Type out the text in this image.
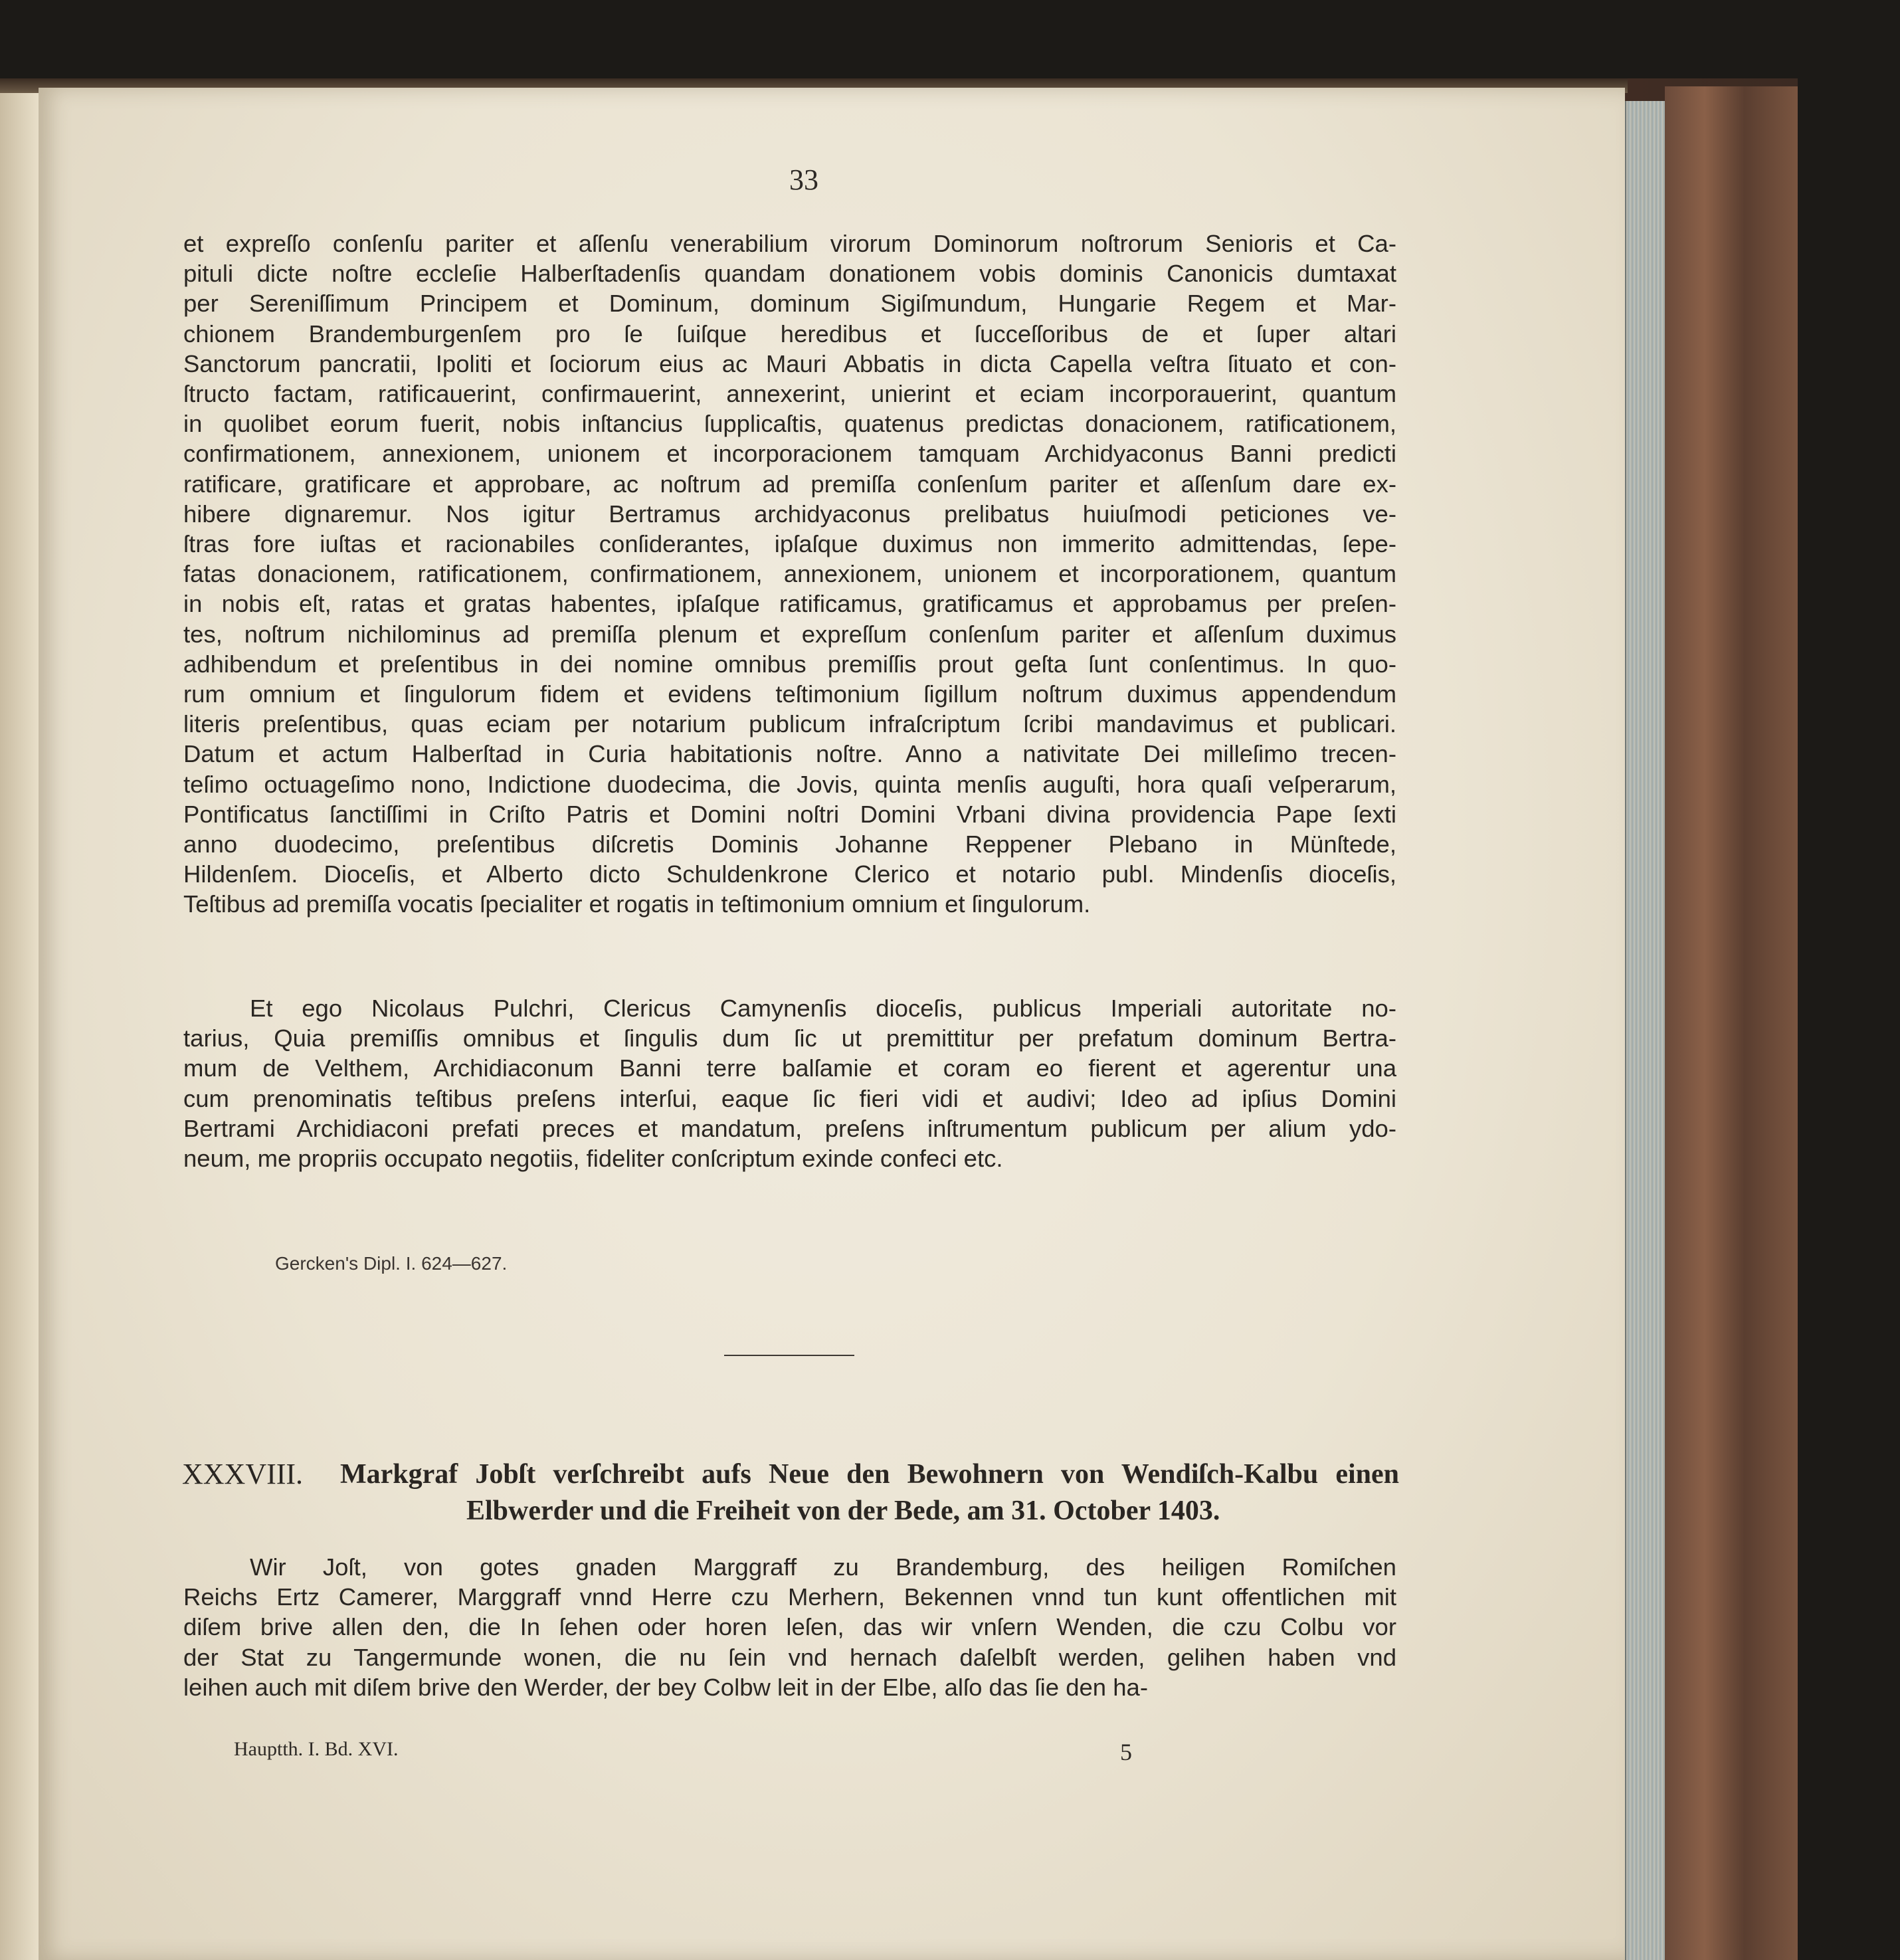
33
et expreſſo conſenſu pariter et aſſenſu venerabilium virorum Dominorum noſtrorum Senioris et Ca-
pituli dicte noſtre eccleſie Halberſtadenſis quandam donationem vobis dominis Canonicis dumtaxat
per Sereniſſimum Principem et Dominum, dominum Sigiſmundum, Hungarie Regem et Mar-
chionem Brandemburgenſem pro ſe ſuiſque heredibus et ſucceſſoribus de et ſuper altari
Sanctorum pancratii, Ipoliti et ſociorum eius ac Mauri Abbatis in dicta Capella veſtra ſituato et con-
ſtructo factam, ratificauerint, confirmauerint, annexerint, unierint et eciam incorporauerint, quantum
in quolibet eorum fuerit, nobis inſtancius ſupplicaſtis, quatenus predictas donacionem, ratificationem,
confirmationem, annexionem, unionem et incorporacionem tamquam Archidyaconus Banni predicti
ratificare, gratificare et approbare, ac noſtrum ad premiſſa conſenſum pariter et aſſenſum dare ex-
hibere dignaremur. Nos igitur Bertramus archidyaconus prelibatus huiuſmodi peticiones ve-
ſtras fore iuſtas et racionabiles conſiderantes, ipſaſque duximus non immerito admittendas, ſepe-
fatas donacionem, ratificationem, confirmationem, annexionem, unionem et incorporationem, quantum
in nobis eſt, ratas et gratas habentes, ipſaſque ratificamus, gratificamus et approbamus per preſen-
tes, noſtrum nichilominus ad premiſſa plenum et expreſſum conſenſum pariter et aſſenſum duximus
adhibendum et preſentibus in dei nomine omnibus premiſſis prout geſta ſunt conſentimus. In quo-
rum omnium et ſingulorum fidem et evidens teſtimonium ſigillum noſtrum duximus appendendum
literis preſentibus, quas eciam per notarium publicum infraſcriptum ſcribi mandavimus et publicari.
Datum et actum Halberſtad in Curia habitationis noſtre. Anno a nativitate Dei milleſimo trecen-
teſimo octuageſimo nono, Indictione duodecima, die Jovis, quinta menſis auguſti, hora quaſi veſperarum,
Pontificatus ſanctiſſimi in Criſto Patris et Domini noſtri Domini Vrbani divina providencia Pape ſexti
anno duodecimo, preſentibus diſcretis Dominis Johanne Reppener Plebano in Münſtede,
Hildenſem. Dioceſis, et Alberto dicto Schuldenkrone Clerico et notario publ. Mindenſis dioceſis,
Teſtibus ad premiſſa vocatis ſpecialiter et rogatis in teſtimonium omnium et ſingulorum.
Et ego Nicolaus Pulchri, Clericus Camynenſis dioceſis, publicus Imperiali autoritate no-
tarius, Quia premiſſis omnibus et ſingulis dum ſic ut premittitur per prefatum dominum Bertra-
mum de Velthem, Archidiaconum Banni terre balſamie et coram eo fierent et agerentur una
cum prenominatis teſtibus preſens interſui, eaque ſic fieri vidi et audivi; Ideo ad ipſius Domini
Bertrami Archidiaconi prefati preces et mandatum, preſens inſtrumentum publicum per alium ydo-
neum, me propriis occupato negotiis, fideliter conſcriptum exinde confeci etc.
Gercken's Dipl. I. 624—627.
XXXVIII. Markgraf Jobſt verſchreibt aufs Neue den Bewohnern von Wendiſch-Kalbu einen
Elbwerder und die Freiheit von der Bede, am 31. October 1403.
Wir Joſt, von gotes gnaden Marggraff zu Brandemburg, des heiligen Romiſchen
Reichs Ertz Camerer, Marggraff vnnd Herre czu Merhern, Bekennen vnnd tun kunt offentlichen mit
diſem brive allen den, die In ſehen oder horen leſen, das wir vnſern Wenden, die czu Colbu vor
der Stat zu Tangermunde wonen, die nu ſein vnd hernach daſelbſt werden, gelihen haben vnd
leihen auch mit diſem brive den Werder, der bey Colbw leit in der Elbe, alſo das ſie den ha-
Hauptth. I. Bd. XVI.	5
